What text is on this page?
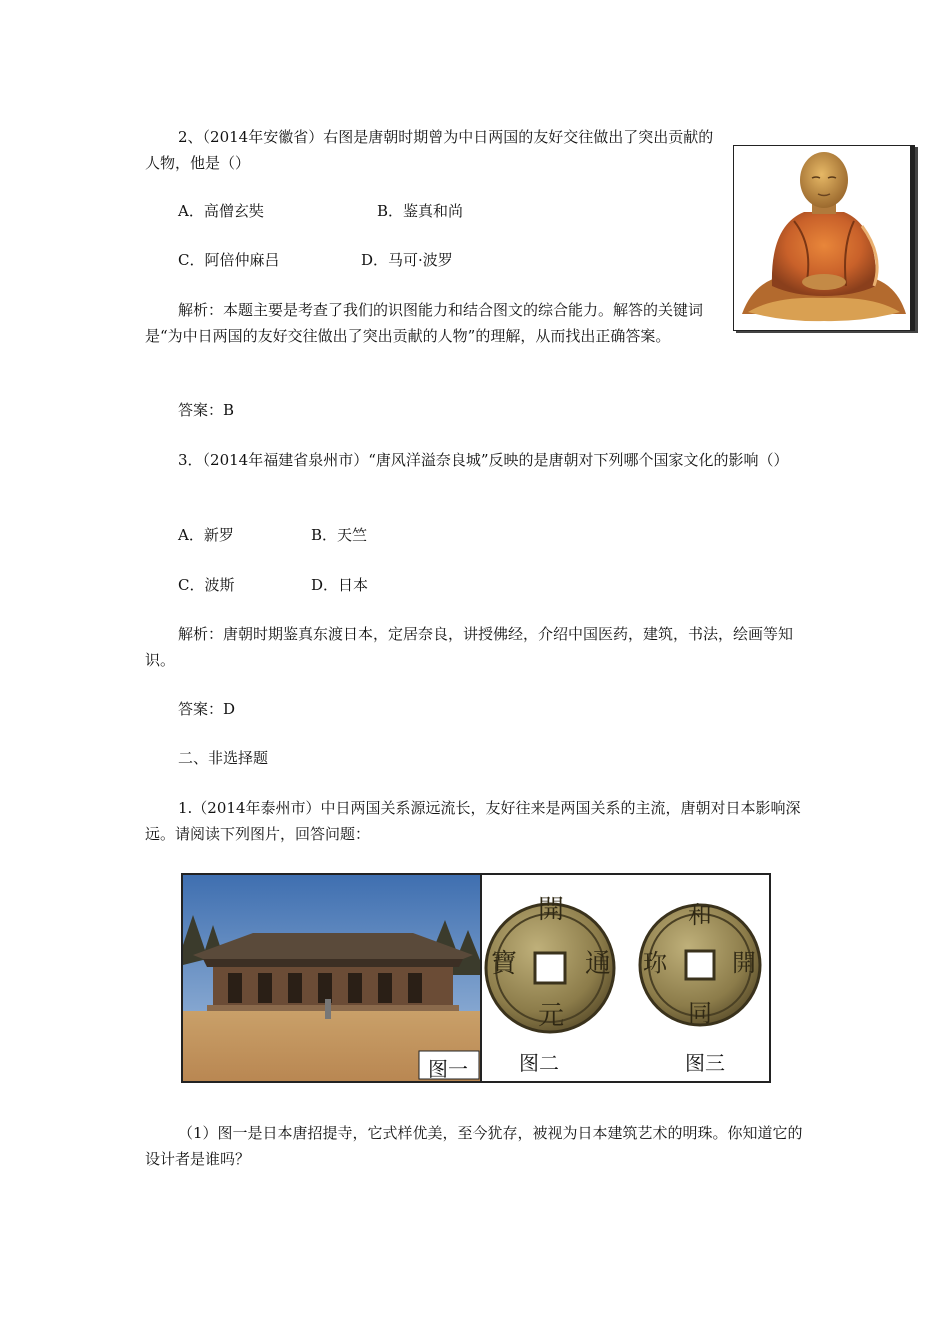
2、（2014年安徽省）右图是唐朝时期曾为中日两国的友好交往做出了突出贡献的人物，他是（）

A．高僧玄奘	B．鉴真和尚
C．阿倍仲麻吕	D．马可·波罗

解析：本题主要是考查了我们的识图能力和结合图文的综合能力。解答的关键词是“为中日两国的友好交往做出了突出贡献的人物”的理解，从而找出正确答案。

答案：B

3．（2014年福建省泉州市）“唐风洋溢奈良城”反映的是唐朝对下列哪个国家文化的影响（）

A．新罗	B．天竺
C．波斯	D．日本

解析：唐朝时期鉴真东渡日本，定居奈良，讲授佛经，介绍中国医药，建筑，书法，绘画等知识。

答案：D
二、非选择题

1.（2014年泰州市）中日两国关系源远流长，友好往来是两国关系的主流，唐朝对日本影响深远。请阅读下列图片，回答问题：

图一
開
元
通
寶
图二
和
同
開
珎
图三

（1）图一是日本唐招提寺，它式样优美，至今犹存，被视为日本建筑艺术的明珠。你知道它的设计者是谁吗？
